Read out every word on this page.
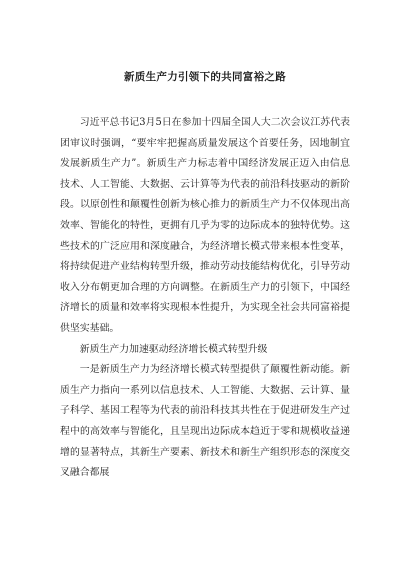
新质生产力引领下的共同富裕之路

习近平总书记3月5日在参加十四届全国人大二次会议江苏代表团审议时强调，“要牢牢把握高质量发展这个首要任务，因地制宜发展新质生产力”。新质生产力标志着中国经济发展正迈入由信息技术、人工智能、大数据、云计算等为代表的前沿科技驱动的新阶段。以原创性和颠覆性创新为核心推力的新质生产力不仅体现出高效率、智能化的特性，更拥有几乎为零的边际成本的独特优势。这些技术的广泛应用和深度融合，为经济增长模式带来根本性变革，将持续促进产业结构转型升级，推动劳动技能结构优化，引导劳动收入分布朝更加合理的方向调整。在新质生产力的引领下，中国经济增长的质量和效率将实现根本性提升，为实现全社会共同富裕提供坚实基础。

新质生产力加速驱动经济增长模式转型升级

一是新质生产力为经济增长模式转型提供了颠覆性新动能。新质生产力指向一系列以信息技术、人工智能、大数据、云计算、量子科学、基因工程等为代表的前沿科技其共性在于促进研发生产过程中的高效率与智能化，且呈现出边际成本趋近于零和规模收益递增的显著特点，其新生产要素、新技术和新生产组织形态的深度交叉融合都展
